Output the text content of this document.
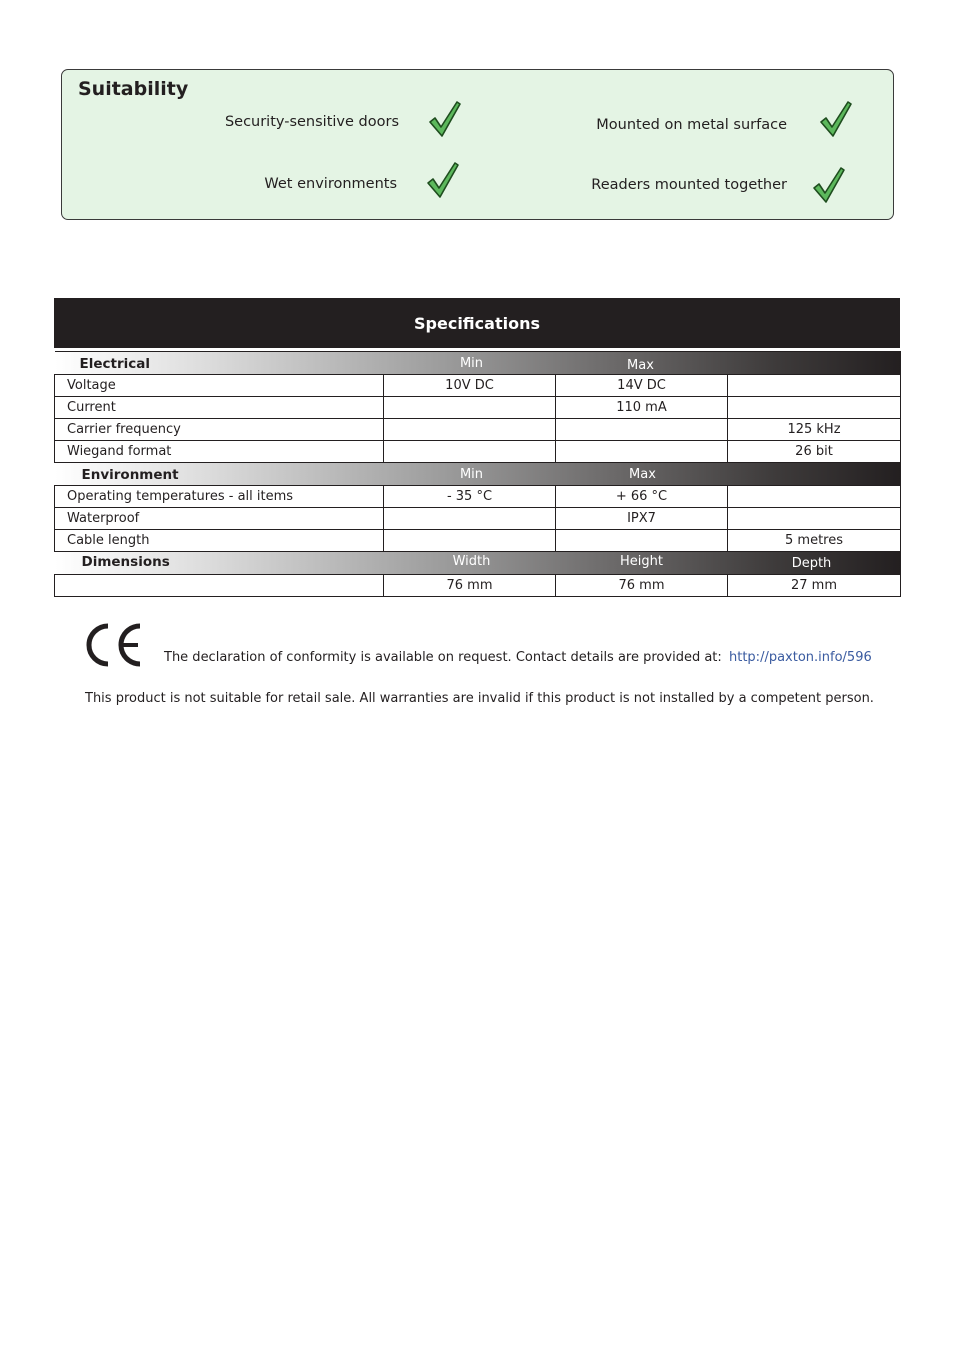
Suitability
Security-sensitive doors	Mounted on metal surface
Wet environments	Readers mounted together
Specifications
Electrical Min Max			

Voltage	10V DC	14V DC	
Current		110 mA	
Carrier frequency			125 kHz
Wiegand format			26 bit

Environment Min Max			

Operating temperatures - all items	- 35 °C	+ 66 °C	
Waterproof		IPX7	
Cable length			5 metres

Dimensions Width Height Depth			

	76 mm	76 mm	27 mm
The declaration of conformity is available on request. Contact details are provided at: http://paxton.info/596
This product is not suitable for retail sale. All warranties are invalid if this product is not installed by a competent person.
